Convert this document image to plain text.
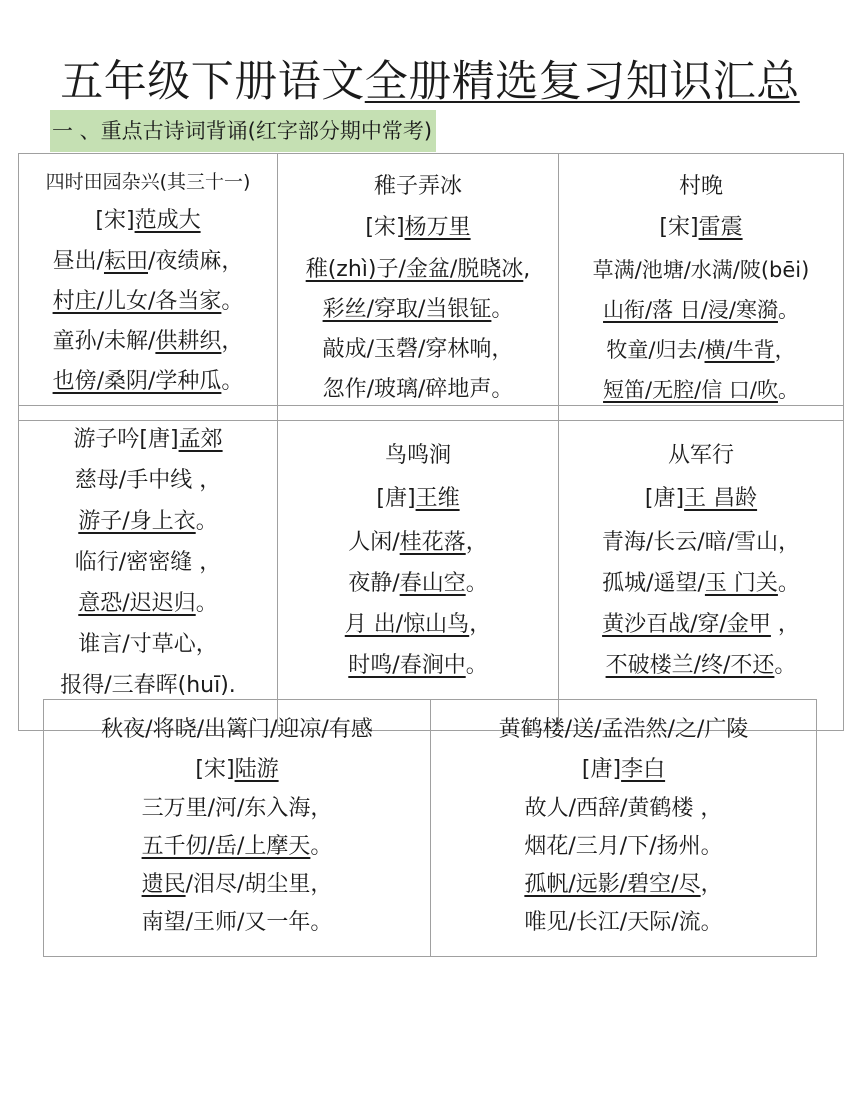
五年级下册语文全册精选复习知识汇总
一 、重点古诗词背诵(红字部分期中常考)
四时田园杂兴(其三十一)
[宋]范成大
昼出/耘田/夜绩麻，
村庄/儿女/各当家。
童孙/未解/供耕织，
也傍/桑阴/学种瓜。

稚子弄冰
[宋]杨万里
稚(zhì)子/金盆/脱晓冰,
彩丝/穿取/当银钲。
敲成/玉磬/穿林响，
忽作/玻璃/碎地声。

村晚
[宋]雷震
草满/池塘/水满/陂(bēi)
山衔/落 日/浸/寒漪。
牧童/归去/横/牛背，
短笛/无腔/信 口/吹。
游子吟[唐]孟郊
慈母/手中线 ，
游子/身上衣。
临行/密密缝 ，
意恐/迟迟归。
谁言/寸草心，
报得/三春晖(huī).

鸟鸣涧
[唐]王维
人闲/桂花落，
夜静/春山空。
月 出/惊山鸟，
时鸣/春涧中。

从军行
[唐]王 昌龄
青海/长云/暗/雪山，
孤城/遥望/玉 门关。
黄沙百战/穿/金甲 ，
不破楼兰/终/不还。
秋夜/将晓/出篱门/迎凉/有感
[宋]陆游
三万里/河/东入海，
五千仞/岳/上摩天。
遗民/泪尽/胡尘里，
南望/王师/又一年。

黄鹤楼/送/孟浩然/之/广陵
[唐]李白
故人/西辞/黄鹤楼 ，
烟花/三月/下/扬州。
孤帆/远影/碧空/尽，
唯见/长江/天际/流。
